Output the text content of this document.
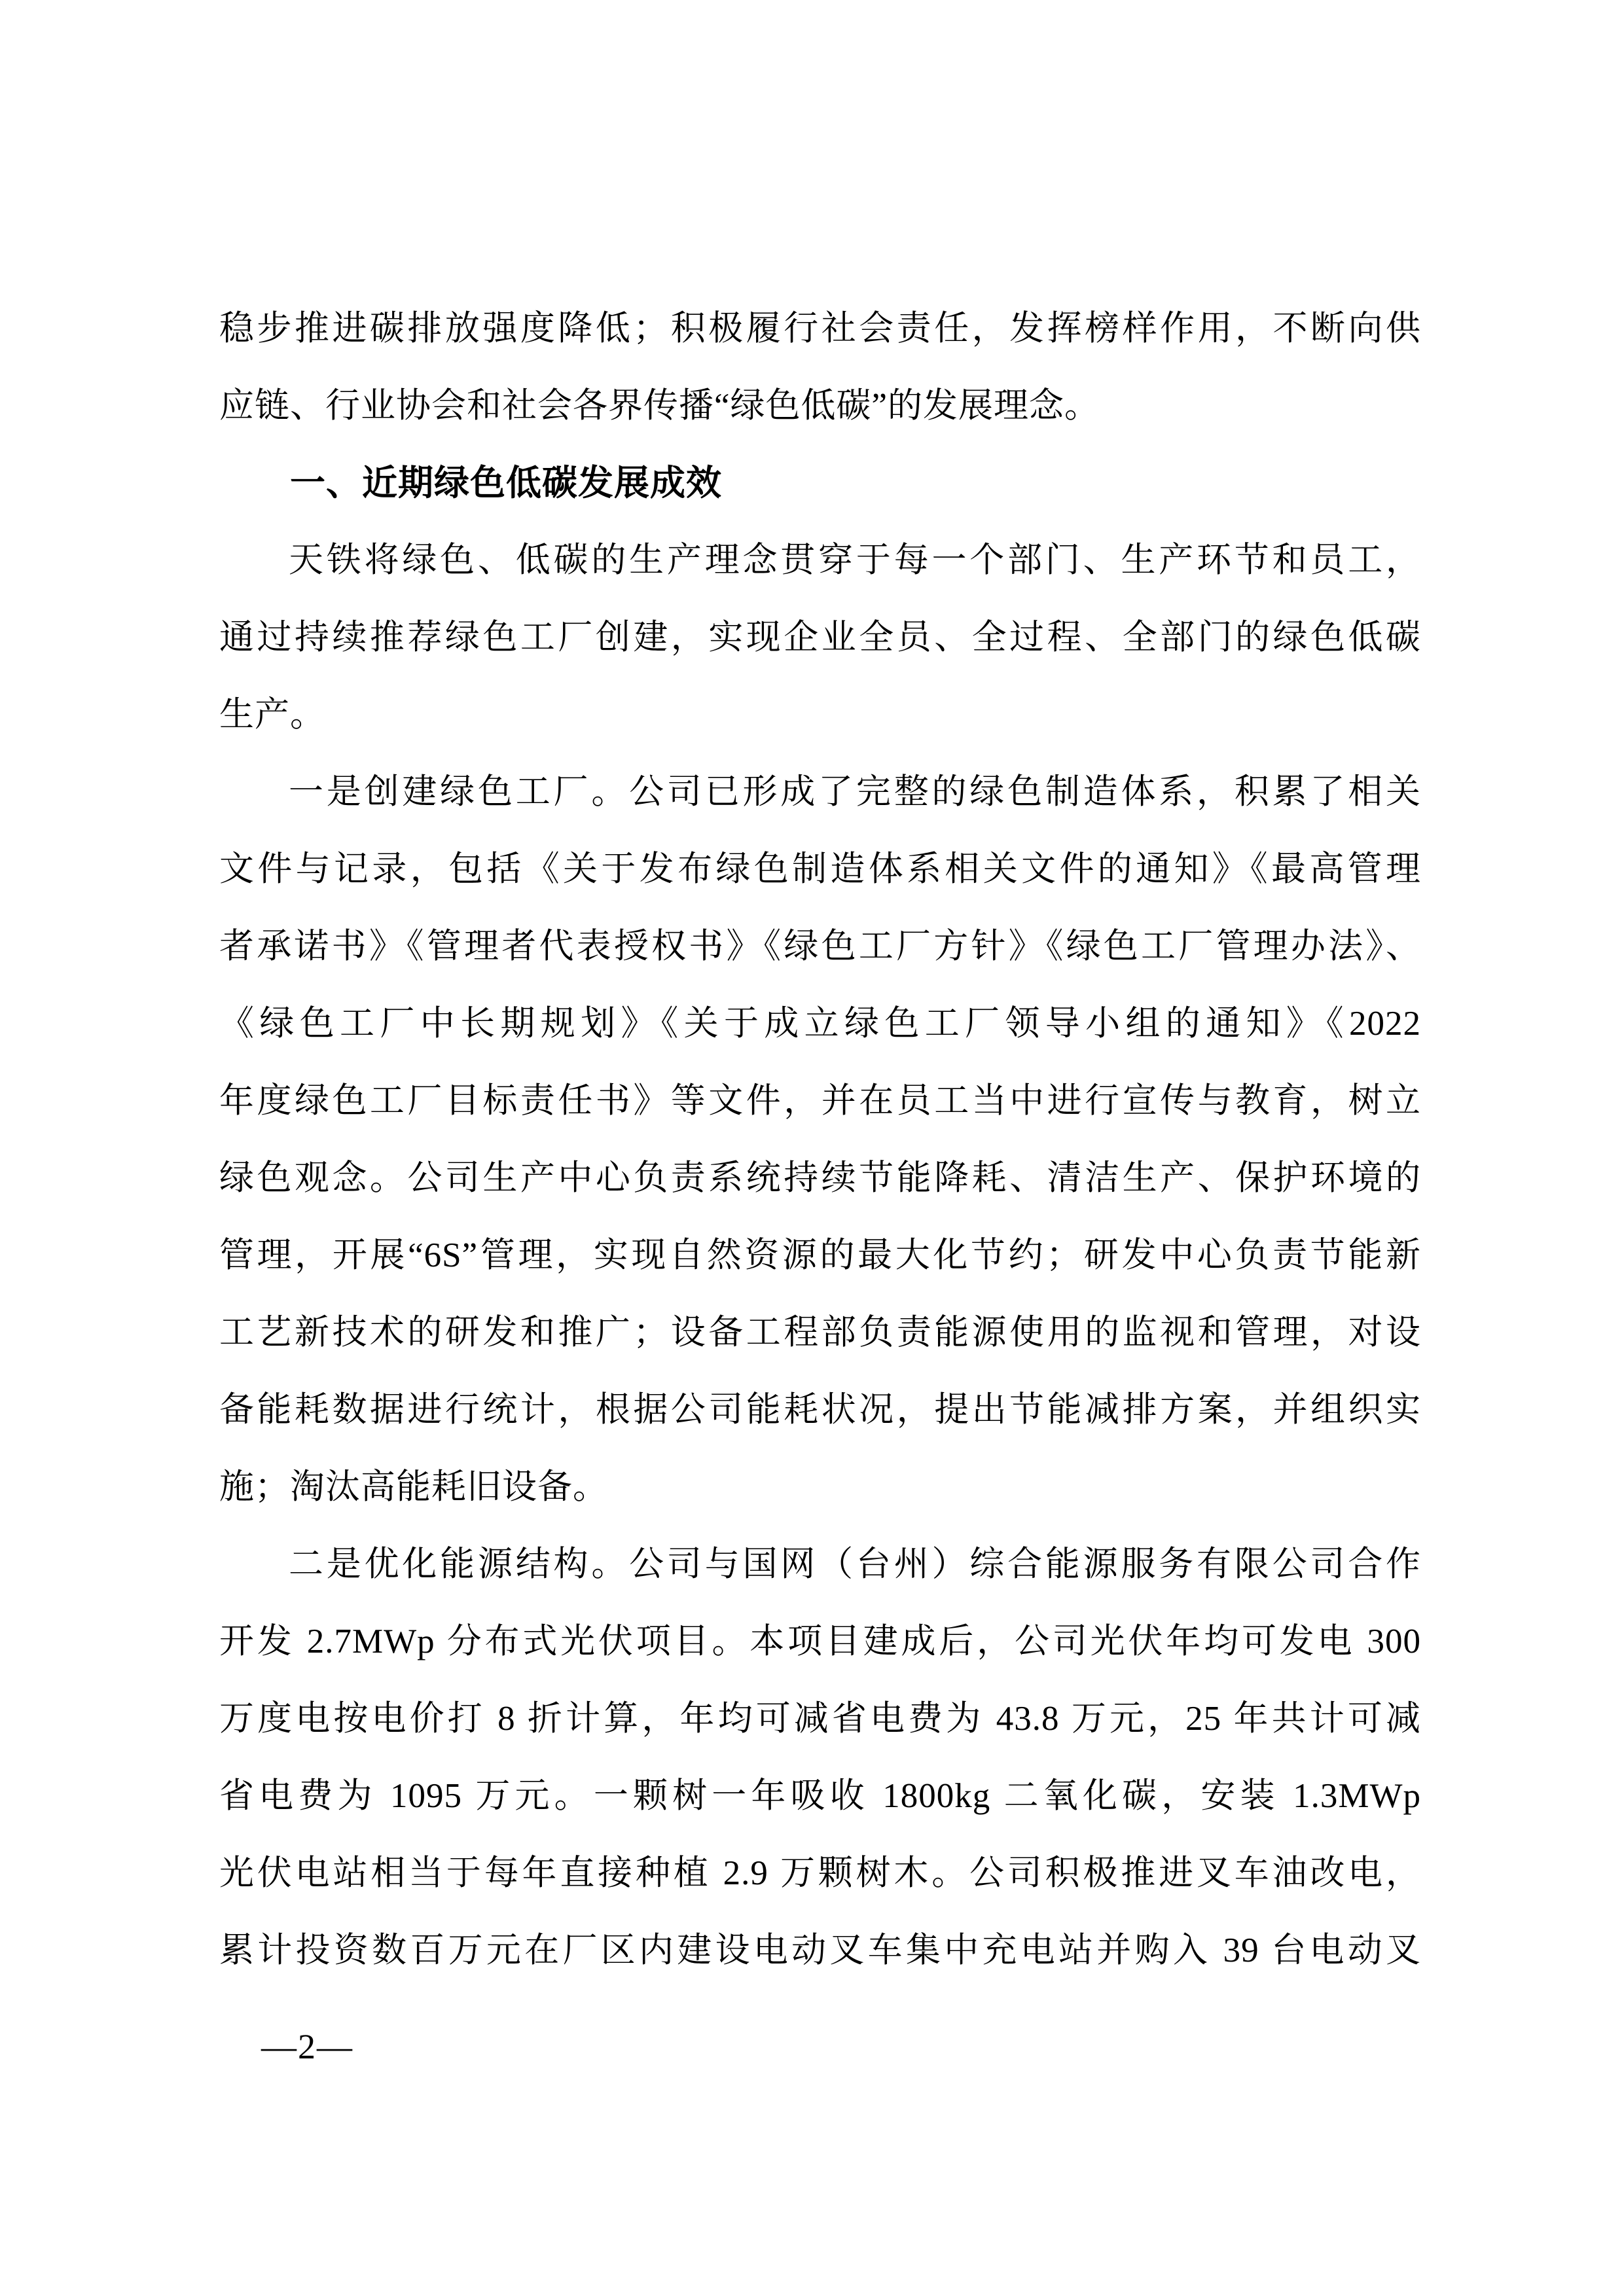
稳步推进碳排放强度降低；积极履行社会责任，发挥榜样作用，不断向供
应链、行业协会和社会各界传播“绿色低碳”的发展理念。
一、近期绿色低碳发展成效
天铁将绿色、低碳的生产理念贯穿于每一个部门、生产环节和员工，
通过持续推荐绿色工厂创建，实现企业全员、全过程、全部门的绿色低碳
生产。
一是创建绿色工厂。公司已形成了完整的绿色制造体系，积累了相关
文件与记录，包括《关于发布绿色制造体系相关文件的通知》《最高管理
者承诺书》《管理者代表授权书》《绿色工厂方针》《绿色工厂管理办法》、
《绿色工厂中长期规划》《关于成立绿色工厂领导小组的通知》《2022
年度绿色工厂目标责任书》等文件，并在员工当中进行宣传与教育，树立
绿色观念。公司生产中心负责系统持续节能降耗、清洁生产、保护环境的
管理，开展“6S”管理，实现自然资源的最大化节约；研发中心负责节能新
工艺新技术的研发和推广；设备工程部负责能源使用的监视和管理，对设
备能耗数据进行统计，根据公司能耗状况，提出节能减排方案，并组织实
施；淘汰高能耗旧设备。
二是优化能源结构。公司与国网（台州）综合能源服务有限公司合作
开发 2.7MWp 分布式光伏项目。本项目建成后，公司光伏年均可发电 300
万度电按电价打 8 折计算，年均可减省电费为 43.8 万元，25 年共计可减
省电费为 1095 万元。一颗树一年吸收 1800kg 二氧化碳，安装 1.3MWp
光伏电站相当于每年直接种植 2.9 万颗树木。公司积极推进叉车油改电，
累计投资数百万元在厂区内建设电动叉车集中充电站并购入 39 台电动叉
—2—
